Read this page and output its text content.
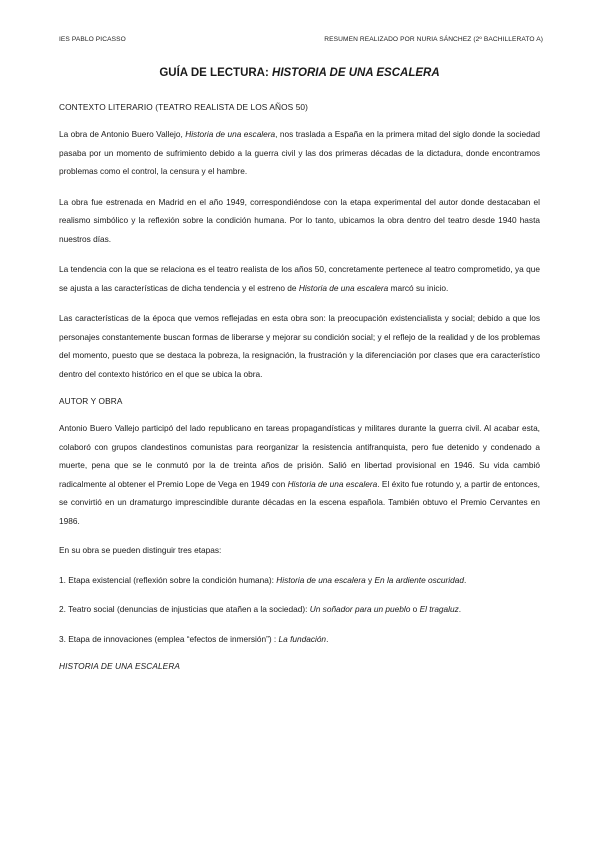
IES PABLO PICASSO	RESUMEN REALIZADO POR NURIA SÁNCHEZ (2º BACHILLERATO A)
GUÍA DE LECTURA: HISTORIA DE UNA ESCALERA
CONTEXTO LITERARIO (TEATRO REALISTA DE LOS AÑOS 50)

La obra de Antonio Buero Vallejo, Historia de una escalera, nos traslada a España en la primera mitad del siglo donde la sociedad pasaba por un momento de sufrimiento debido a la guerra civil y las dos primeras décadas de la dictadura, donde encontramos problemas como el control, la censura y el hambre.

La obra fue estrenada en Madrid en el año 1949, correspondiéndose con la etapa experimental del autor donde destacaban el realismo simbólico y la reflexión sobre la condición humana. Por lo tanto, ubicamos la obra dentro del teatro desde 1940 hasta nuestros días.

La tendencia con la que se relaciona es el teatro realista de los años 50, concretamente pertenece al teatro comprometido, ya que se ajusta a las características de dicha tendencia y el estreno de Historia de una escalera marcó su inicio.

Las características de la época que vemos reflejadas en esta obra son: la preocupación existencialista y social; debido a que los personajes constantemente buscan formas de liberarse y mejorar su condición social; y el reflejo de la realidad y de los problemas del momento, puesto que se destaca la pobreza, la resignación, la frustración y la diferenciación por clases que era característico dentro del contexto histórico en el que se ubica la obra.

AUTOR Y OBRA

Antonio Buero Vallejo participó del lado republicano en tareas propagandísticas y militares durante la guerra civil. Al acabar esta, colaboró con grupos clandestinos comunistas para reorganizar la resistencia antifranquista, pero fue detenido y condenado a muerte, pena que se le conmutó por la de treinta años de prisión. Salió en libertad provisional en 1946. Su vida cambió radicalmente al obtener el Premio Lope de Vega en 1949 con Historia de una escalera. El éxito fue rotundo y, a partir de entonces, se convirtió en un dramaturgo imprescindible durante décadas en la escena española. También obtuvo el Premio Cervantes en 1986.

En su obra se pueden distinguir tres etapas:

1. Etapa existencial (reflexión sobre la condición humana): Historia de una escalera y En la ardiente oscuridad.

2. Teatro social (denuncias de injusticias que atañen a la sociedad): Un soñador para un pueblo o El tragaluz.

3. Etapa de innovaciones (emplea “efectos de inmersión”) : La fundación.

HISTORIA DE UNA ESCALERA
